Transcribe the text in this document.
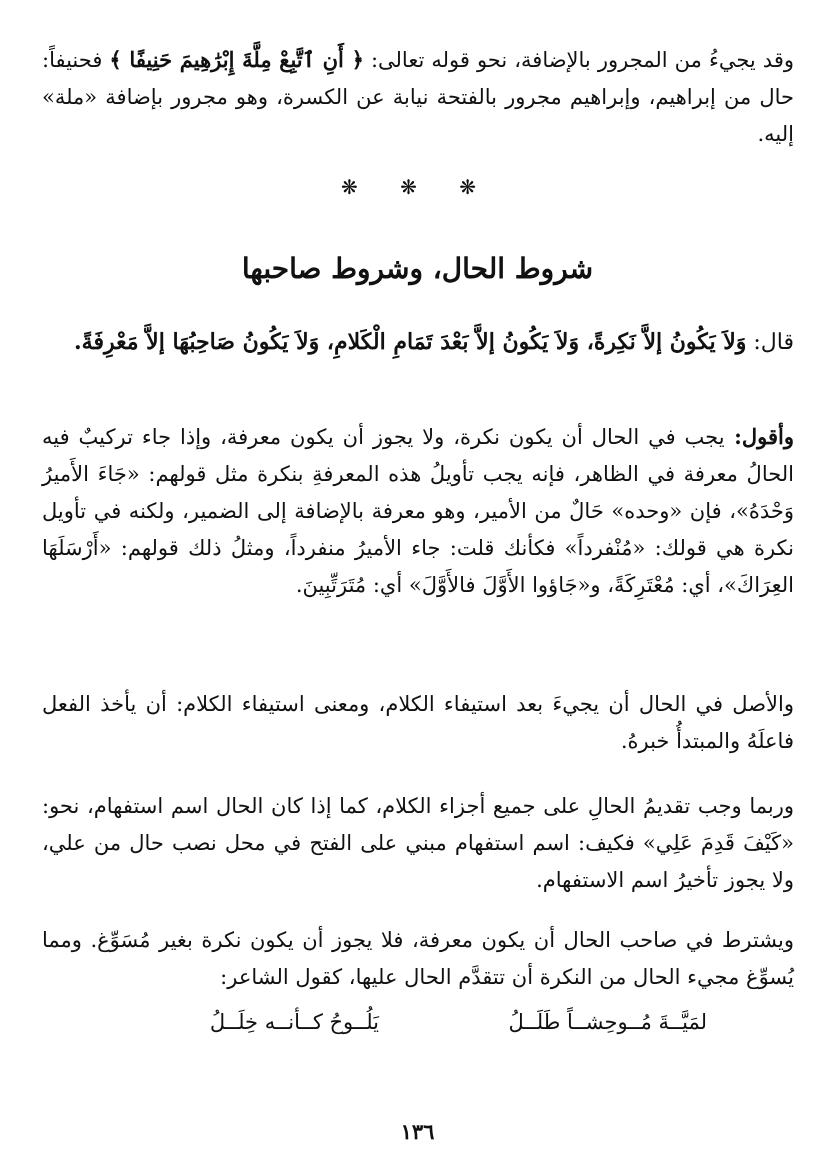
وقد يجيءُ من المجرور بالإضافة، نحو قوله تعالى: ﴿ أَنِ ٱتَّبِعْ مِلَّةَ إِبْرَٰهِيمَ حَنِيفًا ﴾ فحنيفاً: حال من إبراهيم، وإبراهيم مجرور بالفتحة نيابة عن الكسرة، وهو مجرور بإضافة «ملة» إليه.

❋ ❋ ❋
شروط الحال، وشروط صاحبها

قال: وَلاَ يَكُونُ إلاَّ نَكِرةً، وَلاَ يَكُونُ إلاَّ بَعْدَ تَمَامِ الْكَلامِ، وَلاَ يَكُونُ صَاحِبُهَا إلاَّ مَعْرِفَةً.

وأقول: يجب في الحال أن يكون نكرة، ولا يجوز أن يكون معرفة، وإذا جاء تركيبٌ فيه الحالُ معرفة في الظاهر، فإنه يجب تأويلُ هذه المعرفةِ بنكرة مثل قولهم: «جَاءَ الأَميرُ وَحْدَهُ»، فإن «وحده» حَالٌ من الأمير، وهو معرفة بالإضافة إلى الضمير، ولكنه في تأويل نكرة هي قولك: «مُنْفرداً» فكأنك قلت: جاء الأميرُ منفرداً، ومثلُ ذلك قولهم: «أَرْسَلَهَا العِرَاكَ»، أي: مُعْتَرِكَةً، و«جَاؤوا الأَوَّلَ فالأَوَّلَ» أي: مُتَرَتِّبِينَ.

والأصل في الحال أن يجيءَ بعد استيفاء الكلام، ومعنى استيفاء الكلام: أن يأخذ الفعل فاعلَهُ والمبتدأُ خبرهُ.

وربما وجب تقديمُ الحالِ على جميع أجزاء الكلام، كما إذا كان الحال اسم استفهام، نحو: «كَيْفَ قَدِمَ عَلِي» فكيف: اسم استفهام مبني على الفتح في محل نصب حال من علي، ولا يجوز تأخيرُ اسم الاستفهام.

ويشترط في صاحب الحال أن يكون معرفة، فلا يجوز أن يكون نكرة بغير مُسَوِّغ. ومما يُسوِّغ مجيء الحال من النكرة أن تتقدَّم الحال عليها، كقول الشاعر:

لمَيَّــةَ مُــوحِشــاً طَلَــلُ
يَلُــوحُ كــأنــه خِلَــلُ
١٣٦
